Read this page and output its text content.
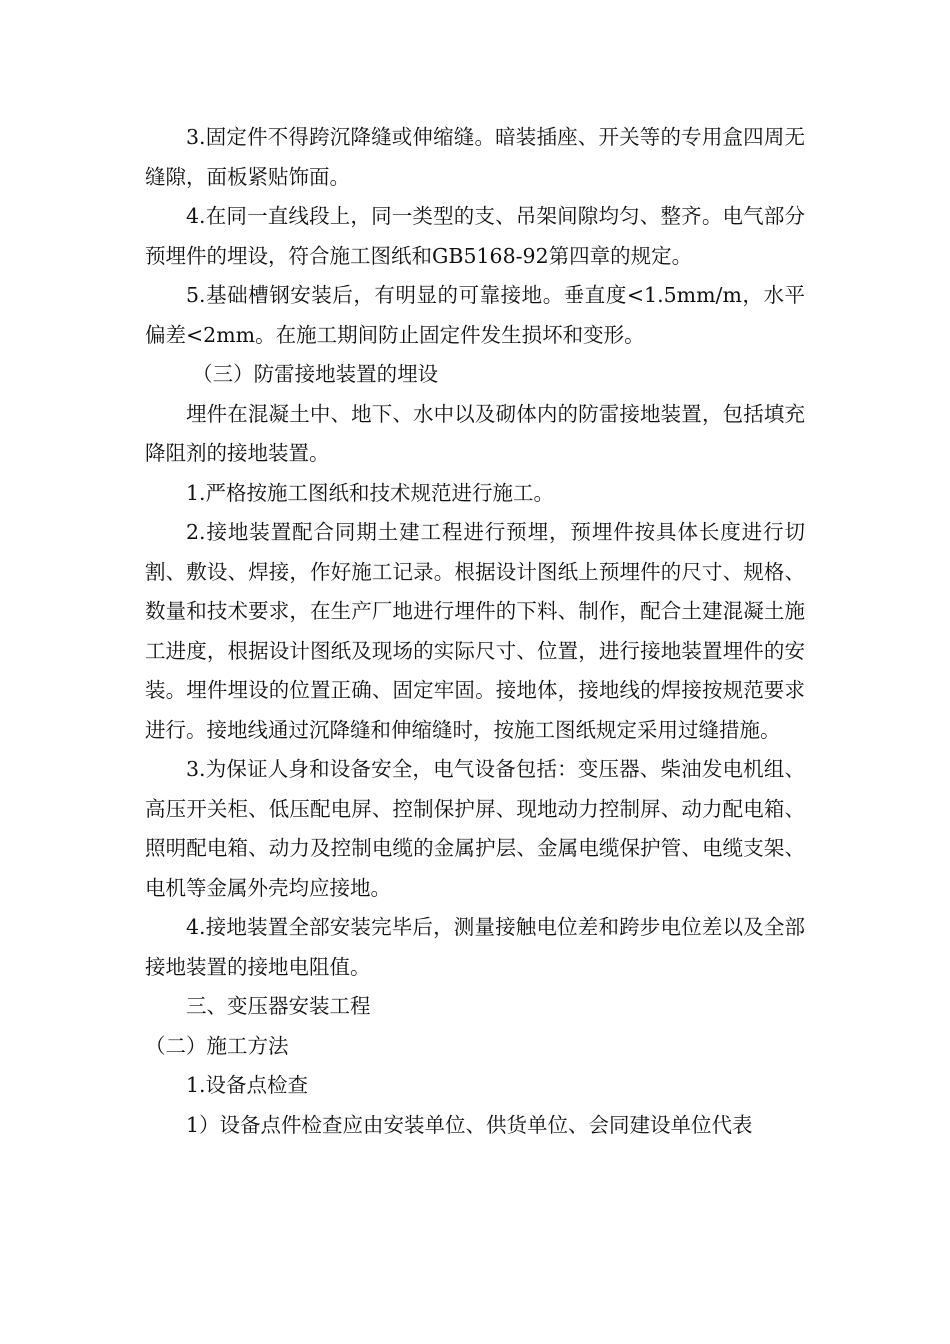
3.固定件不得跨沉降缝或伸缩缝。暗装插座、开关等的专用盒四周无缝隙，面板紧贴饰面。

4.在同一直线段上，同一类型的支、吊架间隙均匀、整齐。电气部分预埋件的埋设，符合施工图纸和GB5168-92第四章的规定。

5.基础槽钢安装后，有明显的可靠接地。垂直度<1.5mm/m，水平偏差<2mm。在施工期间防止固定件发生损坏和变形。

（三）防雷接地装置的埋设

埋件在混凝土中、地下、水中以及砌体内的防雷接地装置，包括填充降阻剂的接地装置。

1.严格按施工图纸和技术规范进行施工。

2.接地装置配合同期土建工程进行预埋，预埋件按具体长度进行切割、敷设、焊接，作好施工记录。根据设计图纸上预埋件的尺寸、规格、数量和技术要求，在生产厂地进行埋件的下料、制作，配合土建混凝土施工进度，根据设计图纸及现场的实际尺寸、位置，进行接地装置埋件的安装。埋件埋设的位置正确、固定牢固。接地体，接地线的焊接按规范要求进行。接地线通过沉降缝和伸缩缝时，按施工图纸规定采用过缝措施。

3.为保证人身和设备安全，电气设备包括：变压器、柴油发电机组、高压开关柜、低压配电屏、控制保护屏、现地动力控制屏、动力配电箱、照明配电箱、动力及控制电缆的金属护层、金属电缆保护管、电缆支架、电机等金属外壳均应接地。

4.接地装置全部安装完毕后，测量接触电位差和跨步电位差以及全部接地装置的接地电阻值。

三、变压器安装工程

（二）施工方法

1.设备点检查

1）设备点件检查应由安装单位、供货单位、会同建设单位代表
